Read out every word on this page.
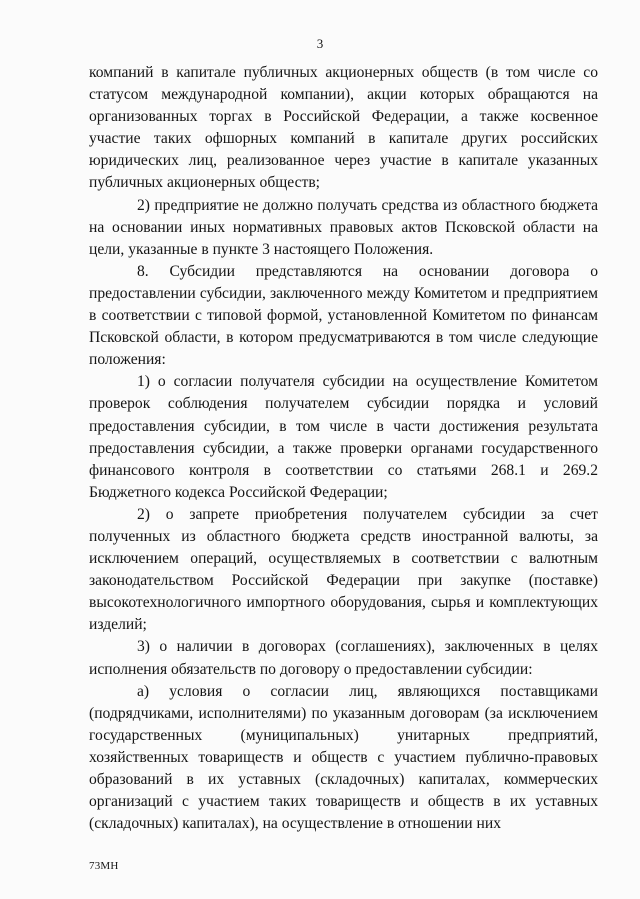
3

компаний в капитале публичных акционерных обществ (в том числе со статусом международной компании), акции которых обращаются на организованных торгах в Российской Федерации, а также косвенное участие таких офшорных компаний в капитале других российских юридических лиц, реализованное через участие в капитале указанных публичных акционерных обществ;

2) предприятие не должно получать средства из областного бюджета на основании иных нормативных правовых актов Псковской области на цели, указанные в пункте 3 настоящего Положения.

8. Субсидии представляются на основании договора о предоставлении субсидии, заключенного между Комитетом и предприятием в соответствии с типовой формой, установленной Комитетом по финансам Псковской области, в котором предусматриваются в том числе следующие положения:

1) о согласии получателя субсидии на осуществление Комитетом проверок соблюдения получателем субсидии порядка и условий предоставления субсидии, в том числе в части достижения результата предоставления субсидии, а также проверки органами государственного финансового контроля в соответствии со статьями 268.1 и 269.2 Бюджетного кодекса Российской Федерации;

2) о запрете приобретения получателем субсидии за счет полученных из областного бюджета средств иностранной валюты, за исключением операций, осуществляемых в соответствии с валютным законодательством Российской Федерации при закупке (поставке) высокотехнологичного импортного оборудования, сырья и комплектующих изделий;

3) о наличии в договорах (соглашениях), заключенных в целях исполнения обязательств по договору о предоставлении субсидии:

а) условия о согласии лиц, являющихся поставщиками (подрядчиками, исполнителями) по указанным договорам (за исключением государственных (муниципальных) унитарных предприятий, хозяйственных товариществ и обществ с участием публично-правовых образований в их уставных (складочных) капиталах, коммерческих организаций с участием таких товариществ и обществ в их уставных (складочных) капиталах), на осуществление в отношении них

73МН
